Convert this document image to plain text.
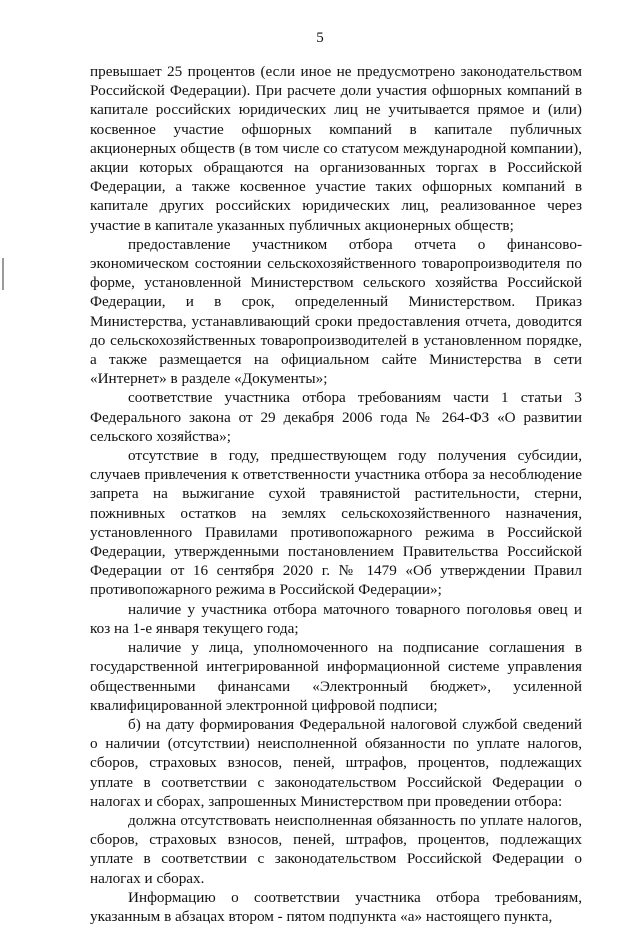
5

превышает 25 процентов (если иное не предусмотрено законодательством Российской Федерации). При расчете доли участия офшорных компаний в капитале российских юридических лиц не учитывается прямое и (или) косвенное участие офшорных компаний в капитале публичных акционерных обществ (в том числе со статусом международной компании), акции которых обращаются на организованных торгах в Российской Федерации, а также косвенное участие таких офшорных компаний в капитале других российских юридических лиц, реализованное через участие в капитале указанных публичных акционерных обществ;

предоставление участником отбора отчета о финансово-экономическом состоянии сельскохозяйственного товаропроизводителя по форме, установленной Министерством сельского хозяйства Российской Федерации, и в срок, определенный Министерством. Приказ Министерства, устанавливающий сроки предоставления отчета, доводится до сельскохозяйственных товаропроизводителей в установленном порядке, а также размещается на официальном сайте Министерства в сети «Интернет» в разделе «Документы»;

соответствие участника отбора требованиям части 1 статьи 3 Федерального закона от 29 декабря 2006 года № 264-ФЗ «О развитии сельского хозяйства»;

отсутствие в году, предшествующем году получения субсидии, случаев привлечения к ответственности участника отбора за несоблюдение запрета на выжигание сухой травянистой растительности, стерни, пожнивных остатков на землях сельскохозяйственного назначения, установленного Правилами противопожарного режима в Российской Федерации, утвержденными постановлением Правительства Российской Федерации от 16 сентября 2020 г. № 1479 «Об утверждении Правил противопожарного режима в Российской Федерации»;

наличие у участника отбора маточного товарного поголовья овец и коз на 1-е января текущего года;

наличие у лица, уполномоченного на подписание соглашения в государственной интегрированной информационной системе управления общественными финансами «Электронный бюджет», усиленной квалифицированной электронной цифровой подписи;

б) на дату формирования Федеральной налоговой службой сведений о наличии (отсутствии) неисполненной обязанности по уплате налогов, сборов, страховых взносов, пеней, штрафов, процентов, подлежащих уплате в соответствии с законодательством Российской Федерации о налогах и сборах, запрошенных Министерством при проведении отбора:

должна отсутствовать неисполненная обязанность по уплате налогов, сборов, страховых взносов, пеней, штрафов, процентов, подлежащих уплате в соответствии с законодательством Российской Федерации о налогах и сборах.

Информацию о соответствии участника отбора требованиям, указанным в абзацах втором - пятом подпункта «а» настоящего пункта,
